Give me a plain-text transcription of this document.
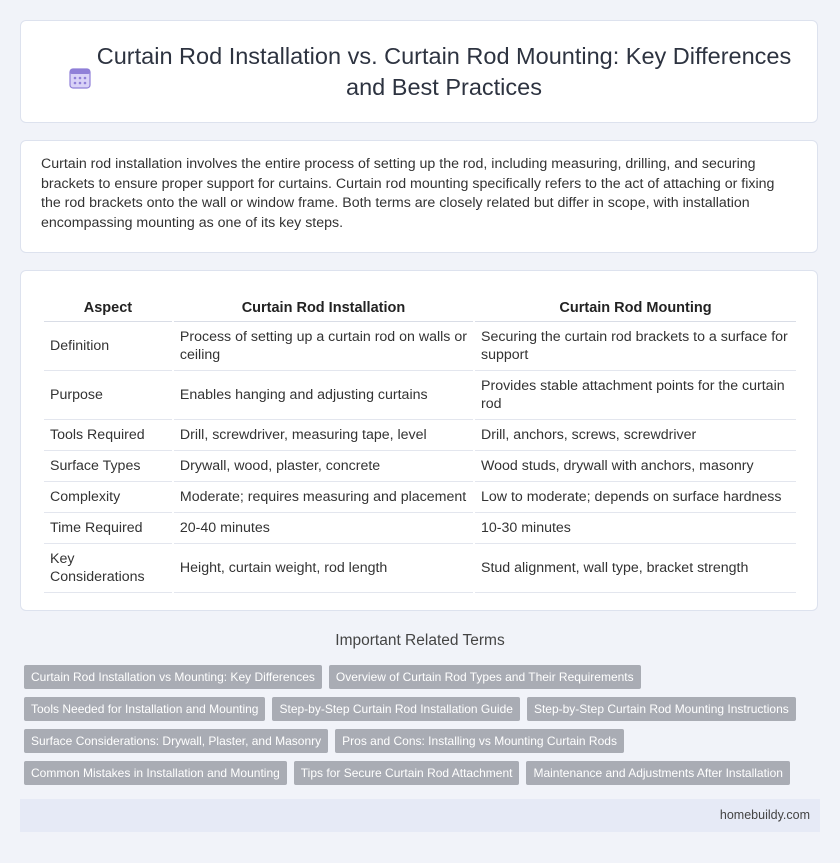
Curtain Rod Installation vs. Curtain Rod Mounting: Key Differences and Best Practices

Curtain rod installation involves the entire process of setting up the rod, including measuring, drilling, and securing brackets to ensure proper support for curtains. Curtain rod mounting specifically refers to the act of attaching or fixing the rod brackets onto the wall or window frame. Both terms are closely related but differ in scope, with installation encompassing mounting as one of its key steps.

Aspect	Curtain Rod Installation	Curtain Rod Mounting
Definition	Process of setting up a curtain rod on walls or ceiling	Securing the curtain rod brackets to a surface for support
Purpose	Enables hanging and adjusting curtains	Provides stable attachment points for the curtain rod
Tools Required	Drill, screwdriver, measuring tape, level	Drill, anchors, screws, screwdriver
Surface Types	Drywall, wood, plaster, concrete	Wood studs, drywall with anchors, masonry
Complexity	Moderate; requires measuring and placement	Low to moderate; depends on surface hardness
Time Required	20-40 minutes	10-30 minutes
Key Considerations	Height, curtain weight, rod length	Stud alignment, wall type, bracket strength
Important Related Terms
Curtain Rod Installation vs Mounting: Key Differences	Overview of Curtain Rod Types and Their Requirements
Tools Needed for Installation and Mounting	Step-by-Step Curtain Rod Installation Guide	Step-by-Step Curtain Rod Mounting Instructions
Surface Considerations: Drywall, Plaster, and Masonry	Pros and Cons: Installing vs Mounting Curtain Rods
Common Mistakes in Installation and Mounting	Tips for Secure Curtain Rod Attachment	Maintenance and Adjustments After Installation
homebuildy.com
